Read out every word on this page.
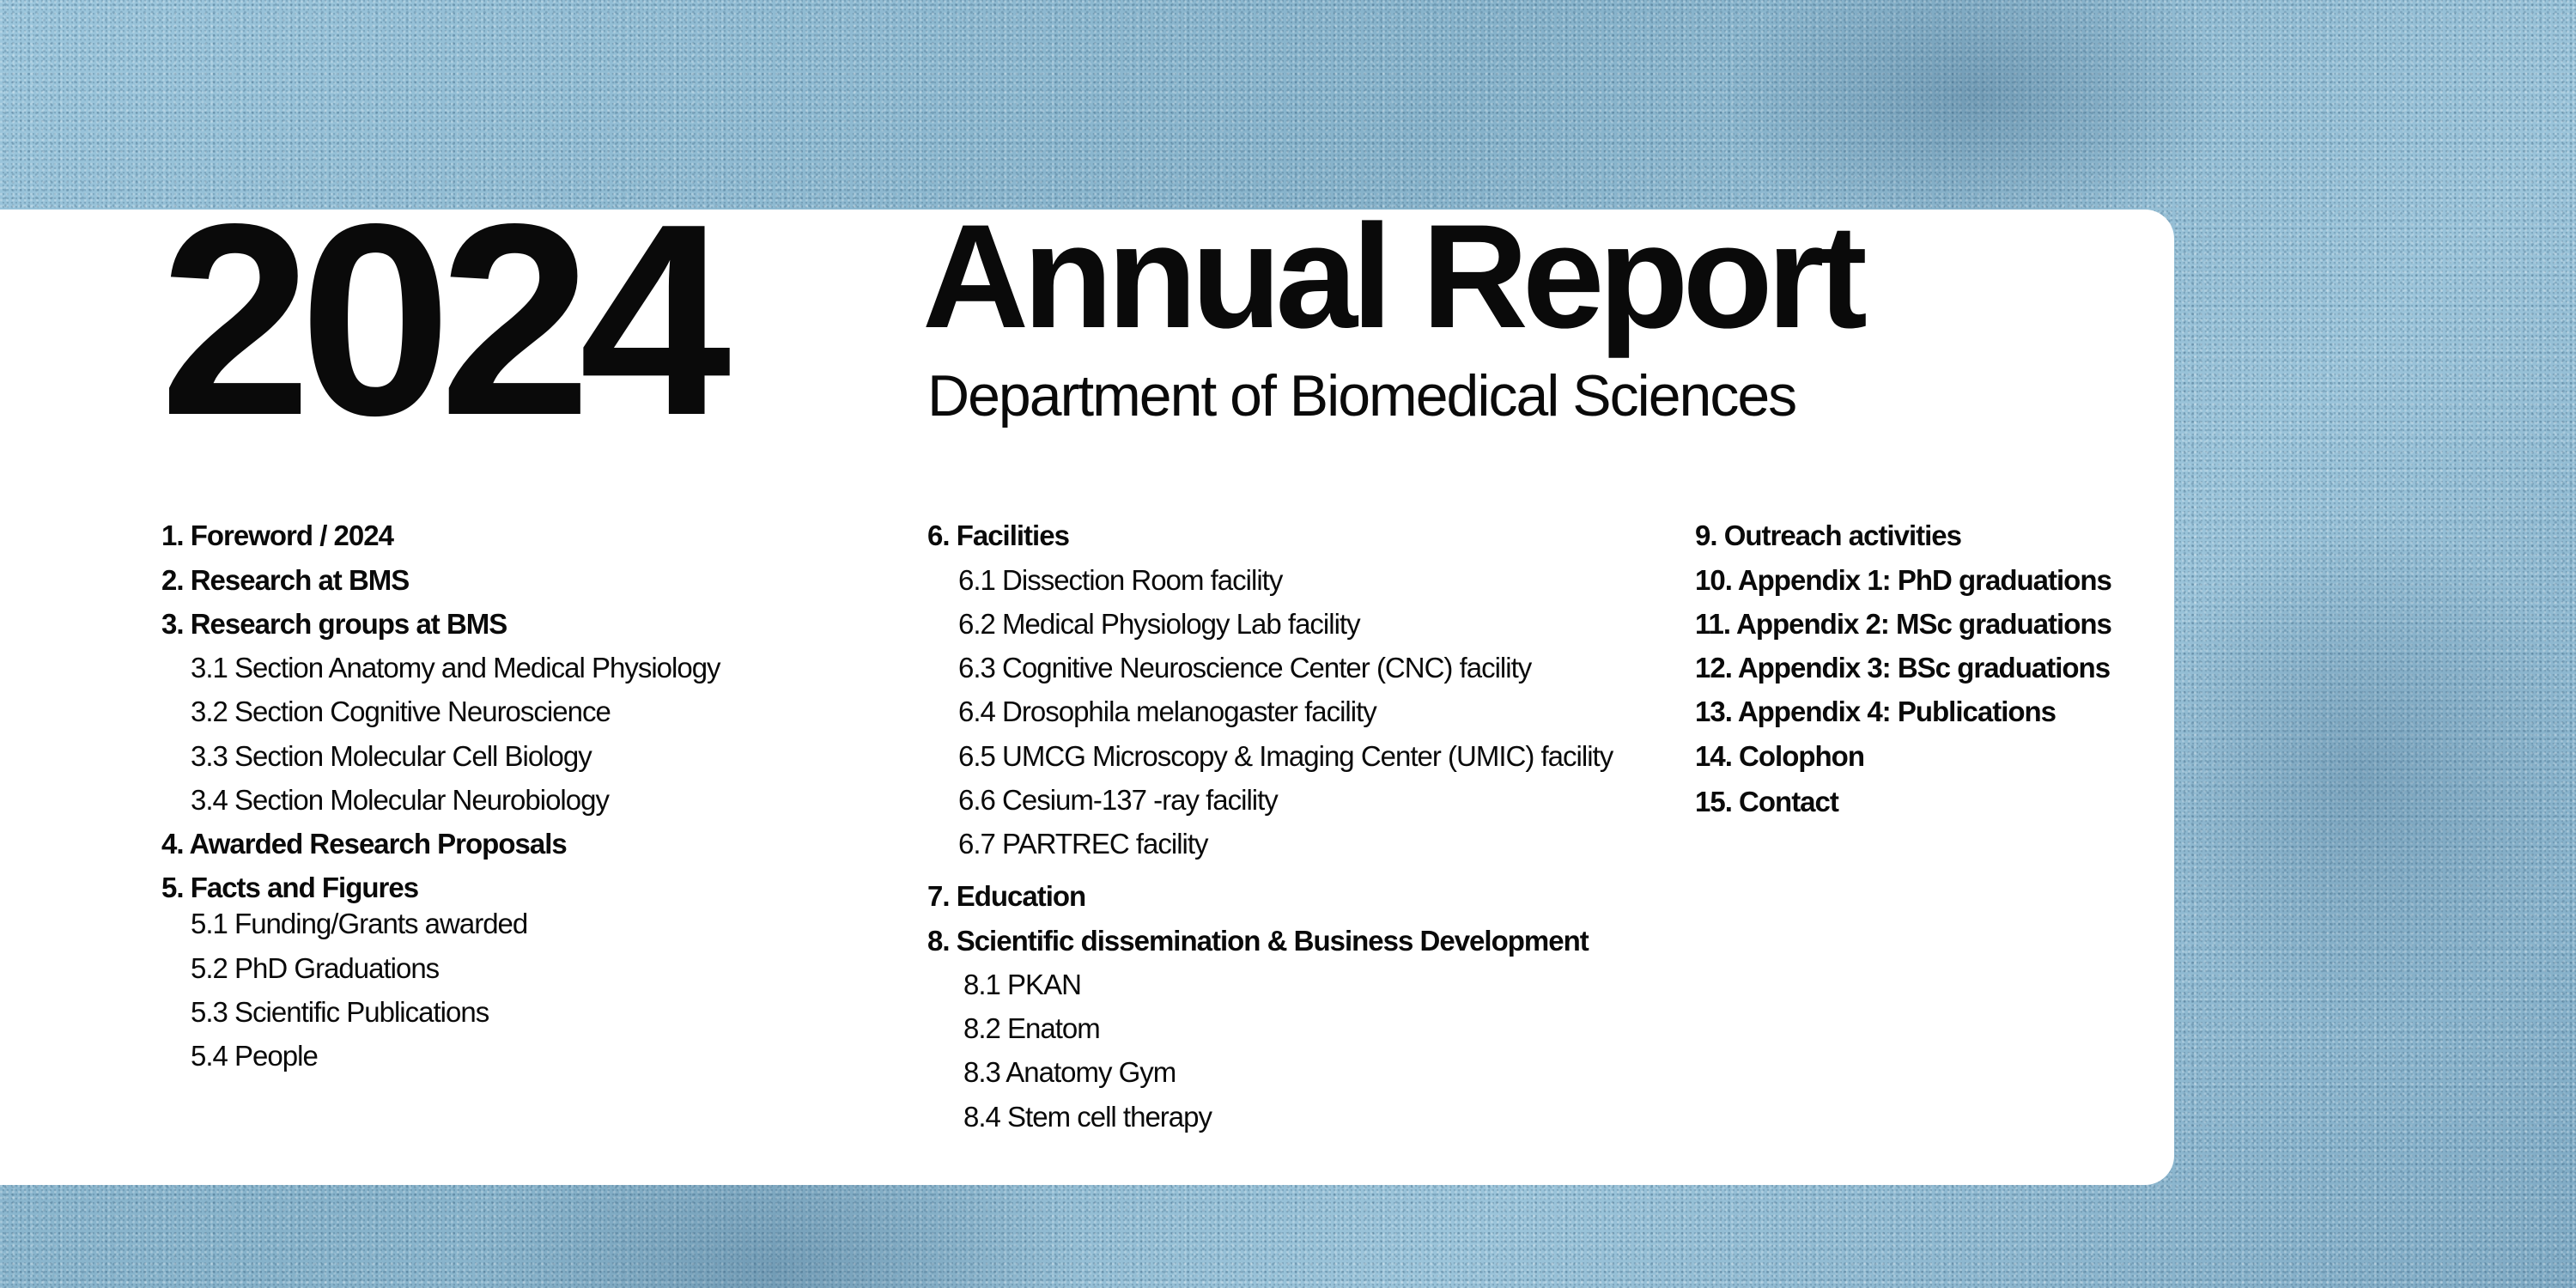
2024 Annual Report
Department of Biomedical Sciences
1. Foreword / 2024
2. Research at BMS
3. Research groups at BMS
3.1 Section Anatomy and Medical Physiology
3.2 Section Cognitive Neuroscience
3.3 Section Molecular Cell Biology
3.4 Section Molecular Neurobiology
4. Awarded Research Proposals
5. Facts and Figures
5.1 Funding/Grants awarded
5.2 PhD Graduations
5.3 Scientific Publications
5.4 People
6. Facilities
6.1 Dissection Room facility
6.2 Medical Physiology Lab facility
6.3 Cognitive Neuroscience Center (CNC) facility
6.4 Drosophila melanogaster facility
6.5 UMCG Microscopy & Imaging Center (UMIC) facility
6.6 Cesium-137 -ray facility
6.7 PARTREC facility
7. Education
8. Scientific dissemination & Business Development
8.1 PKAN
8.2 Enatom
8.3 Anatomy Gym
8.4 Stem cell therapy
9. Outreach activities
10. Appendix 1: PhD graduations
11. Appendix 2: MSc graduations
12. Appendix 3: BSc graduations
13. Appendix 4: Publications
14. Colophon
15. Contact
